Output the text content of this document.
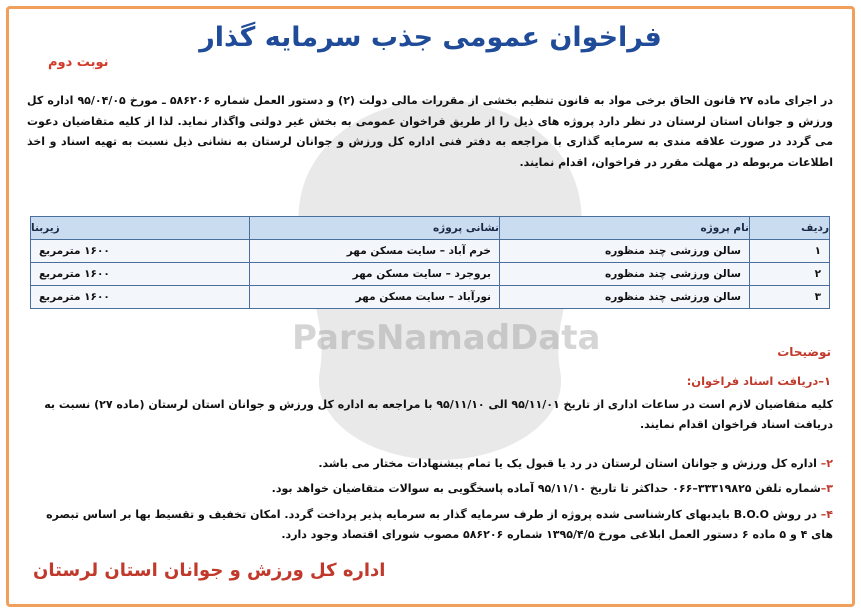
ParsNamadData
فراخوان عمومی جذب سرمایه گذار
نوبت دوم
در اجرای ماده ۲۷ قانون الحاق برخی مواد به قانون تنظیم بخشی از مقررات مالی دولت (۲) و دستور العمل شماره ۵۸۶۲۰۶ ـ مورخ ۹۵/۰۴/۰۵ اداره کل ورزش و جوانان استان لرستان در نظر دارد پروژه های ذیل را از طریق فراخوان عمومی به بخش غیر دولتی واگذار نماید. لذا از کلیه متقاضیان دعوت می گردد در صورت علاقه مندی به سرمایه گذاری با مراجعه به دفتر فنی اداره کل ورزش و جوانان لرستان به نشانی ذیل نسبت به تهیه اسناد و اخذ اطلاعات مربوطه در مهلت مقرر در فراخوان، اقدام نمایند.
ردیف	نام پروژه	نشانی پروژه	زیربنا
۱	سالن ورزشی چند منظوره	خرم آباد – سایت مسکن مهر	۱۶۰۰ مترمربع
۲	سالن ورزشی چند منظوره	بروجرد – سایت مسکن مهر	۱۶۰۰ مترمربع
۳	سالن ورزشی چند منظوره	نورآباد – سایت مسکن مهر	۱۶۰۰ مترمربع
توضیحات
۱–دریافت اسناد فراخوان:
کلیه متقاضیان لازم است در ساعات اداری از تاریخ ۹۵/۱۱/۰۱ الی ۹۵/۱۱/۱۰ با مراجعه به اداره کل ورزش و جوانان استان لرستان (ماده ۲۷) نسبت به دریافت اسناد فراخوان اقدام نمایند.
۲– اداره کل ورزش و جوانان استان لرستان در رد یا قبول یک یا تمام پیشنهادات مختار می باشد.
۳–شماره تلفن ۳۳۳۱۹۸۲۵–۰۶۶ حداکثر تا تاریخ ۹۵/۱۱/۱۰ آماده پاسخگویی به سوالات متقاضیان خواهد بود.
۴– در روش B.O.O بایدبهای کارشناسی شده پروژه از طرف سرمایه گذار به سرمایه پذیر پرداخت گردد. امکان تخفیف و تقسیط بها بر اساس تبصره های ۴ و ۵ ماده ۶ دستور العمل ابلاغی مورخ ۱۳۹۵/۴/۵ شماره ۵۸۶۲۰۶ مصوب شورای اقتصاد وجود دارد.
اداره کل ورزش و جوانان استان لرستان
